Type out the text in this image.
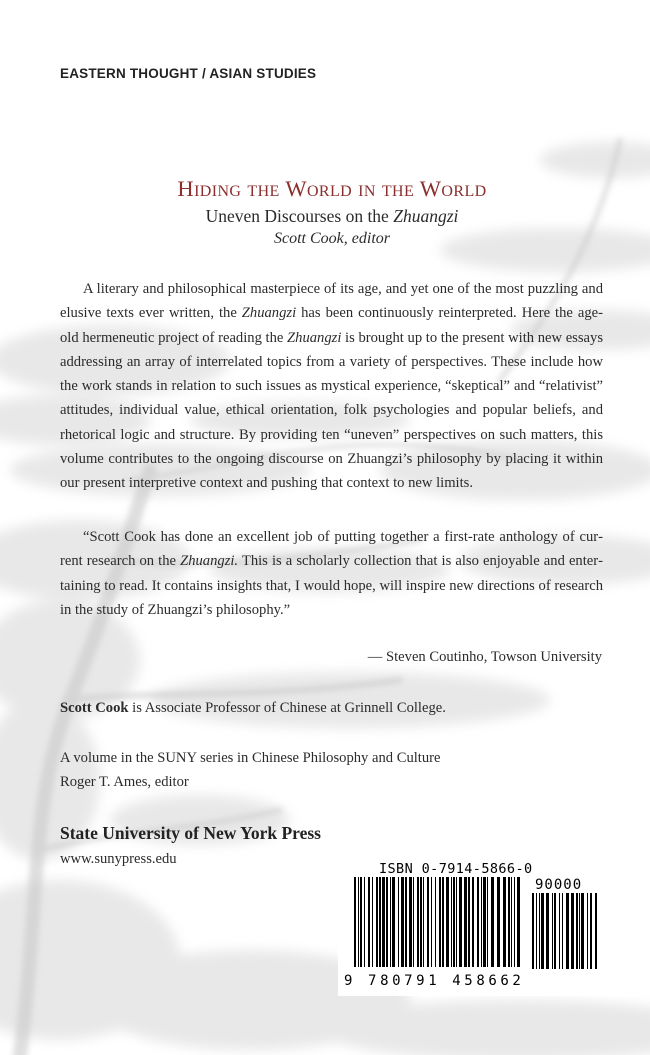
EASTERN THOUGHT / ASIAN STUDIES
Hiding the World in the World
Uneven Discourses on the Zhuangzi
Scott Cook, editor

A literary and philosophical masterpiece of its age, and yet one of the most puzzling and elusive texts ever written, the Zhuangzi has been continuously reinterpreted. Here the age-old hermeneutic project of reading the Zhuangzi is brought up to the present with new essays addressing an array of interrelated topics from a variety of perspectives. These include how the work stands in relation to such issues as mystical experience, “skeptical” and “relativist” attitudes, individual value, ethical orientation, folk psychologies and popular beliefs, and rhetorical logic and structure. By providing ten “uneven” perspectives on such matters, this volume contributes to the ongoing discourse on Zhuangzi’s philosophy by placing it within our present interpretive context and pushing that context to new limits.

“Scott Cook has done an excellent job of putting together a first-rate anthology of current research on the Zhuangzi. This is a scholarly collection that is also enjoyable and entertaining to read. It contains insights that, I would hope, will inspire new directions of research in the study of Zhuangzi’s philosophy.”

— Steven Coutinho, Towson University
Scott Cook is Associate Professor of Chinese at Grinnell College.
A volume in the SUNY series in Chinese Philosophy and Culture
Roger T. Ames, editor
State University of New York Press
www.sunypress.edu
ISBN 0-7914-5866-0
90000
9 780791 458662
